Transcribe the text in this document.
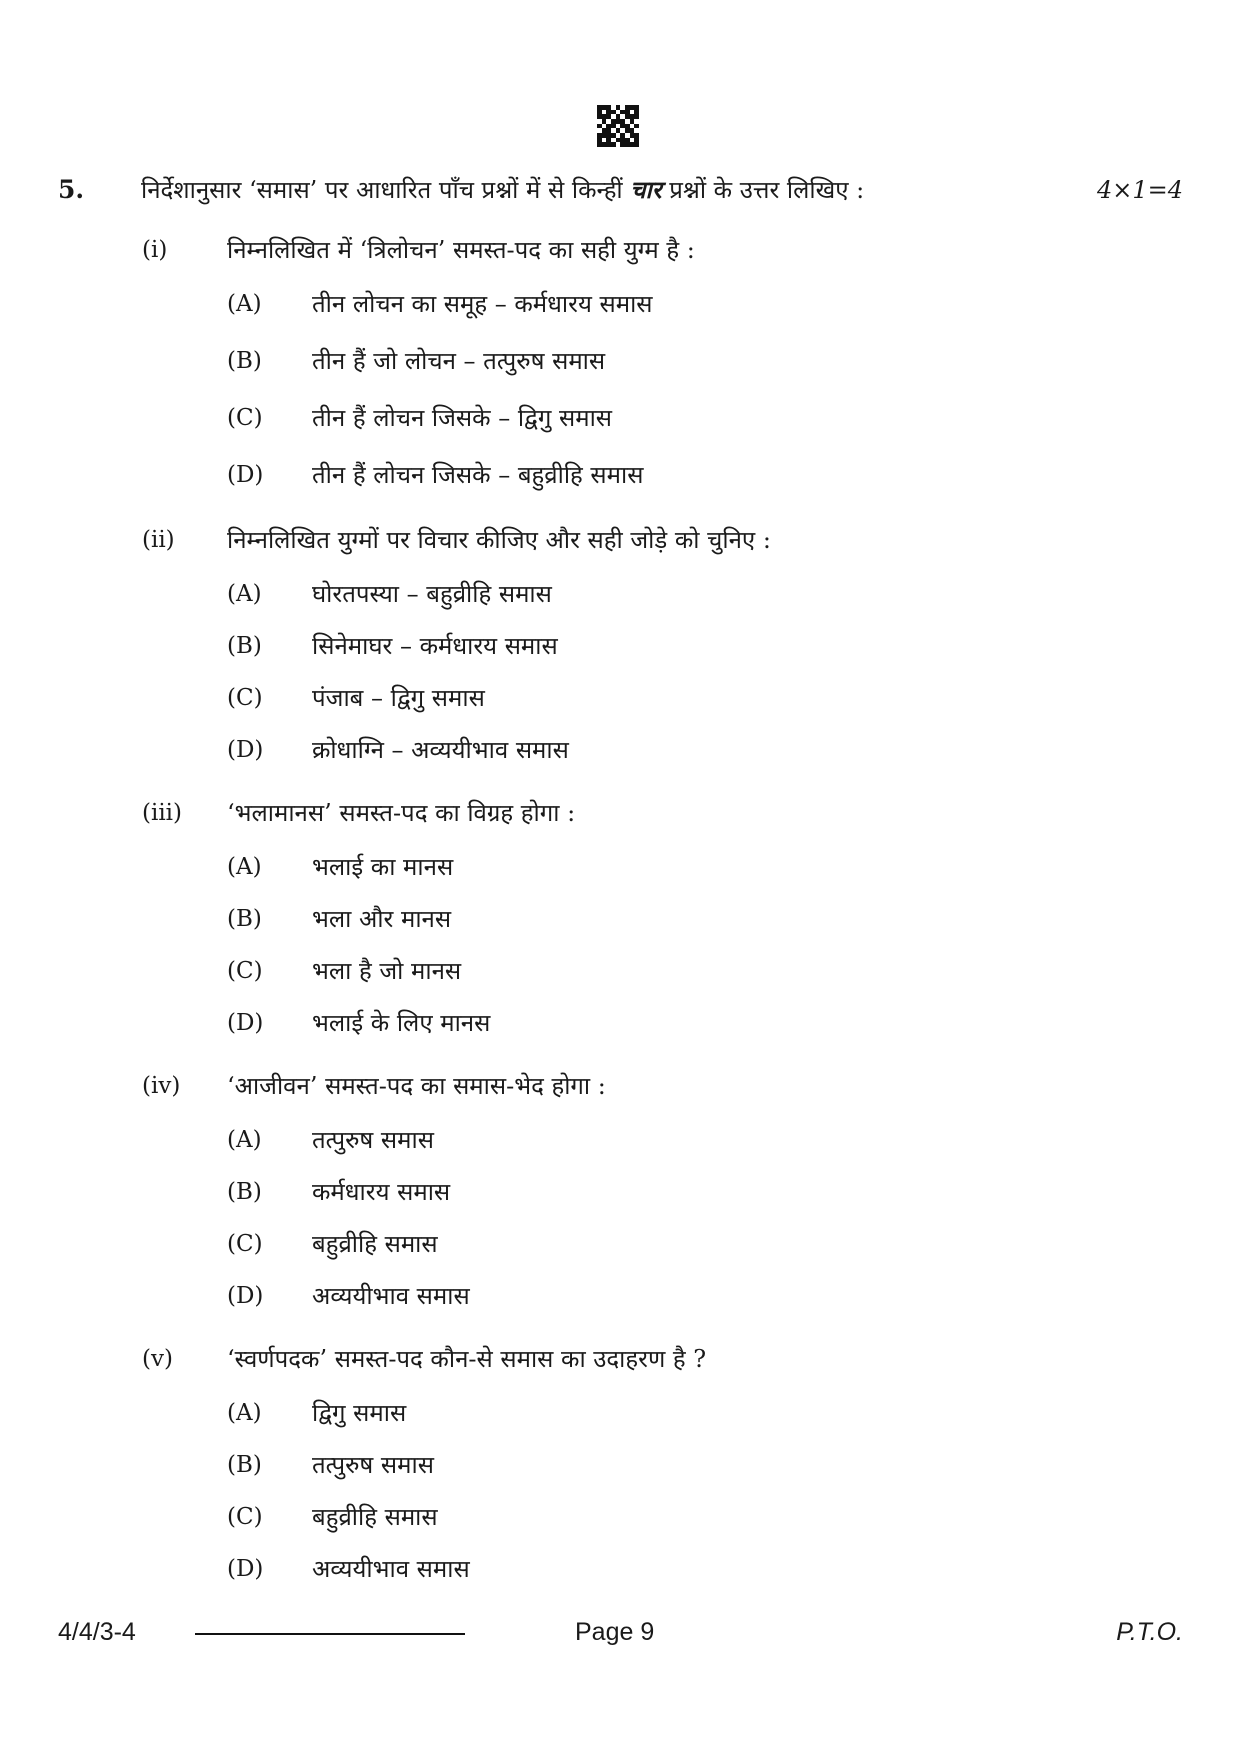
5. निर्देशानुसार ‘समास’ पर आधारित पाँच प्रश्नों में से किन्हीं चार प्रश्नों के उत्तर लिखिए :	4×1=4
(i) निम्नलिखित में ‘त्रिलोचन’ समस्त-पद का सही युग्म है :
(A) तीन लोचन का समूह – कर्मधारय समास
(B) तीन हैं जो लोचन – तत्पुरुष समास
(C) तीन हैं लोचन जिसके – द्विगु समास
(D) तीन हैं लोचन जिसके – बहुव्रीहि समास
(ii) निम्नलिखित युग्मों पर विचार कीजिए और सही जोड़े को चुनिए :
(A) घोरतपस्या – बहुव्रीहि समास
(B) सिनेमाघर – कर्मधारय समास
(C) पंजाब – द्विगु समास
(D) क्रोधाग्नि – अव्ययीभाव समास
(iii) ‘भलामानस’ समस्त-पद का विग्रह होगा :
(A) भलाई का मानस
(B) भला और मानस
(C) भला है जो मानस
(D) भलाई के लिए मानस
(iv) ‘आजीवन’ समस्त-पद का समास-भेद होगा :
(A) तत्पुरुष समास
(B) कर्मधारय समास
(C) बहुव्रीहि समास
(D) अव्ययीभाव समास
(v) ‘स्वर्णपदक’ समस्त-पद कौन-से समास का उदाहरण है ?
(A) द्विगु समास
(B) तत्पुरुष समास
(C) बहुव्रीहि समास
(D) अव्ययीभाव समास
4/4/3-4	Page 9	P.T.O.
